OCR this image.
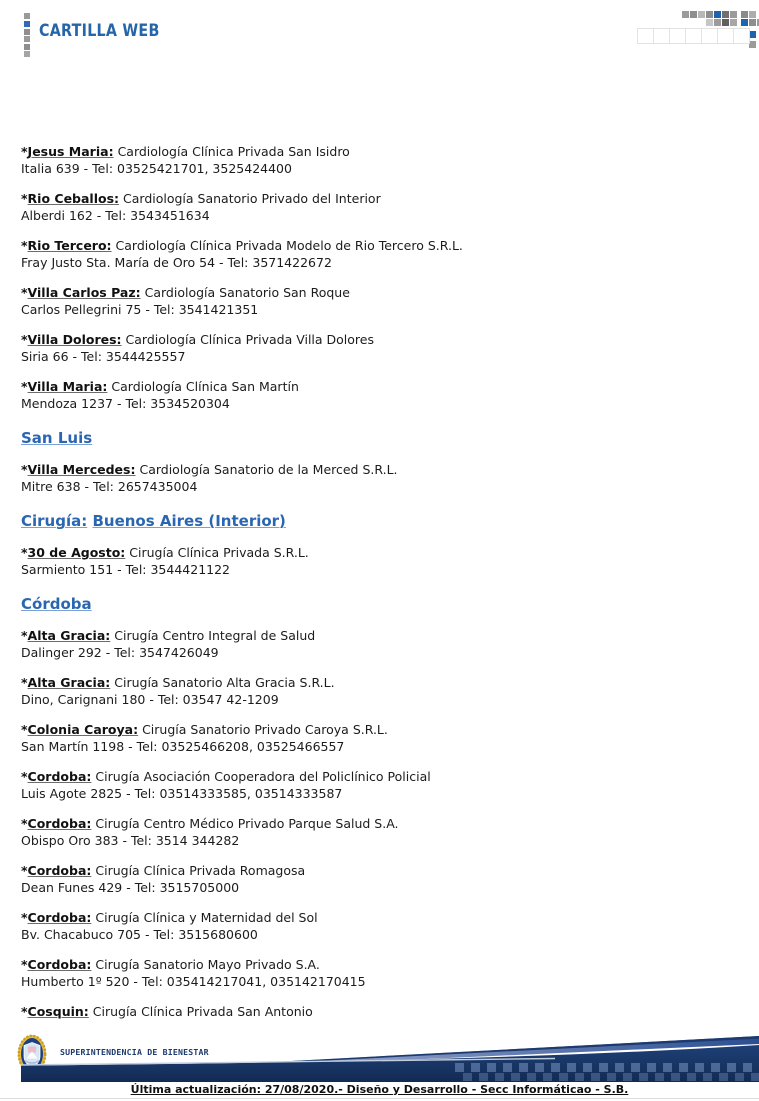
CARTILLA WEB

*Jesus Maria: Cardiología Clínica Privada San Isidro
Italia 639 - Tel: 03525421701, 3525424400

*Rio Ceballos: Cardiología Sanatorio Privado del Interior
Alberdi 162 - Tel: 3543451634

*Rio Tercero: Cardiología Clínica Privada Modelo de Rio Tercero S.R.L.
Fray Justo Sta. María de Oro 54 - Tel: 3571422672

*Villa Carlos Paz: Cardiología Sanatorio San Roque
Carlos Pellegrini 75 - Tel: 3541421351

*Villa Dolores: Cardiología Clínica Privada Villa Dolores
Siria 66 - Tel: 3544425557

*Villa Maria: Cardiología Clínica San Martín
Mendoza 1237 - Tel: 3534520304

San Luis

*Villa Mercedes: Cardiología Sanatorio de la Merced S.R.L.
Mitre 638 - Tel: 2657435004

Cirugía: Buenos Aires (Interior)

*30 de Agosto: Cirugía Clínica Privada S.R.L.
Sarmiento 151 - Tel: 3544421122

Córdoba

*Alta Gracia: Cirugía Centro Integral de Salud
Dalinger 292 - Tel: 3547426049

*Alta Gracia: Cirugía Sanatorio Alta Gracia S.R.L.
Dino, Carignani 180 - Tel: 03547 42-1209

*Colonia Caroya: Cirugía Sanatorio Privado Caroya S.R.L.
San Martín 1198 - Tel: 03525466208, 03525466557

*Cordoba: Cirugía Asociación Cooperadora del Policlínico Policial
Luis Agote 2825 - Tel: 03514333585, 03514333587

*Cordoba: Cirugía Centro Médico Privado Parque Salud S.A.
Obispo Oro 383 - Tel: 3514 344282

*Cordoba: Cirugía Clínica Privada Romagosa
Dean Funes 429 - Tel: 3515705000

*Cordoba: Cirugía Clínica y Maternidad del Sol
Bv. Chacabuco 705 - Tel: 3515680600

*Cordoba: Cirugía Sanatorio Mayo Privado S.A.
Humberto 1º 520 - Tel: 035414217041, 035142170415

*Cosquin: Cirugía Clínica Privada San Antonio

SUPERINTENDENCIA DE BIENESTAR
Última actualización: 27/08/2020.- Diseño y Desarrollo - Secc Informáticao - S.B.
